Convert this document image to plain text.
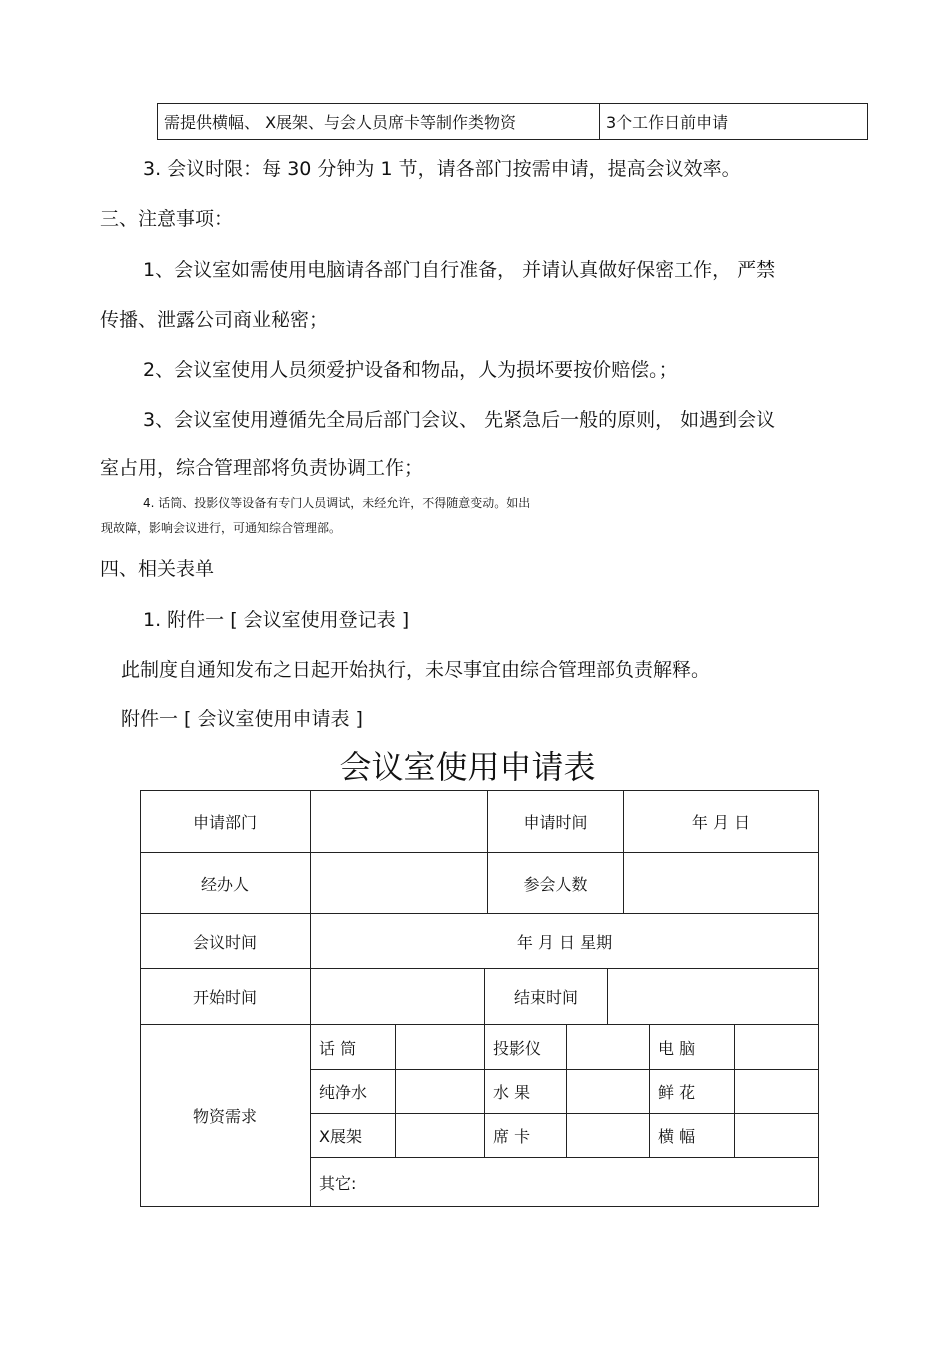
需提供横幅、 X展架、与会人员席卡等制作类物资	3个工作日前申请
3. 会议时限：每 30 分钟为 1 节，请各部门按需申请，提高会议效率。
三、注意事项：
1、会议室如需使用电脑请各部门自行准备， 并请认真做好保密工作， 严禁
传播、泄露公司商业秘密；
2、会议室使用人员须爱护设备和物品，人为损坏要按价赔偿。；
3、会议室使用遵循先全局后部门会议、 先紧急后一般的原则， 如遇到会议
室占用，综合管理部将负责协调工作；
4. 话筒、投影仪等设备有专门人员调试，未经允许，不得随意变动。如出
现故障，影响会议进行，可通知综合管理部。
四、相关表单
1. 附件一 [ 会议室使用登记表 ]
此制度自通知发布之日起开始执行，未尽事宜由综合管理部负责解释。
附件一 [ 会议室使用申请表 ]
会议室使用申请表
申请部门	申请时间	年 月 日
经办人	参会人数
会议时间	年 月 日 星期
开始时间	结束时间
物资需求
话 筒	投影仪	电 脑
纯净水	水 果	鲜 花
X展架	席 卡	横 幅
其它:
